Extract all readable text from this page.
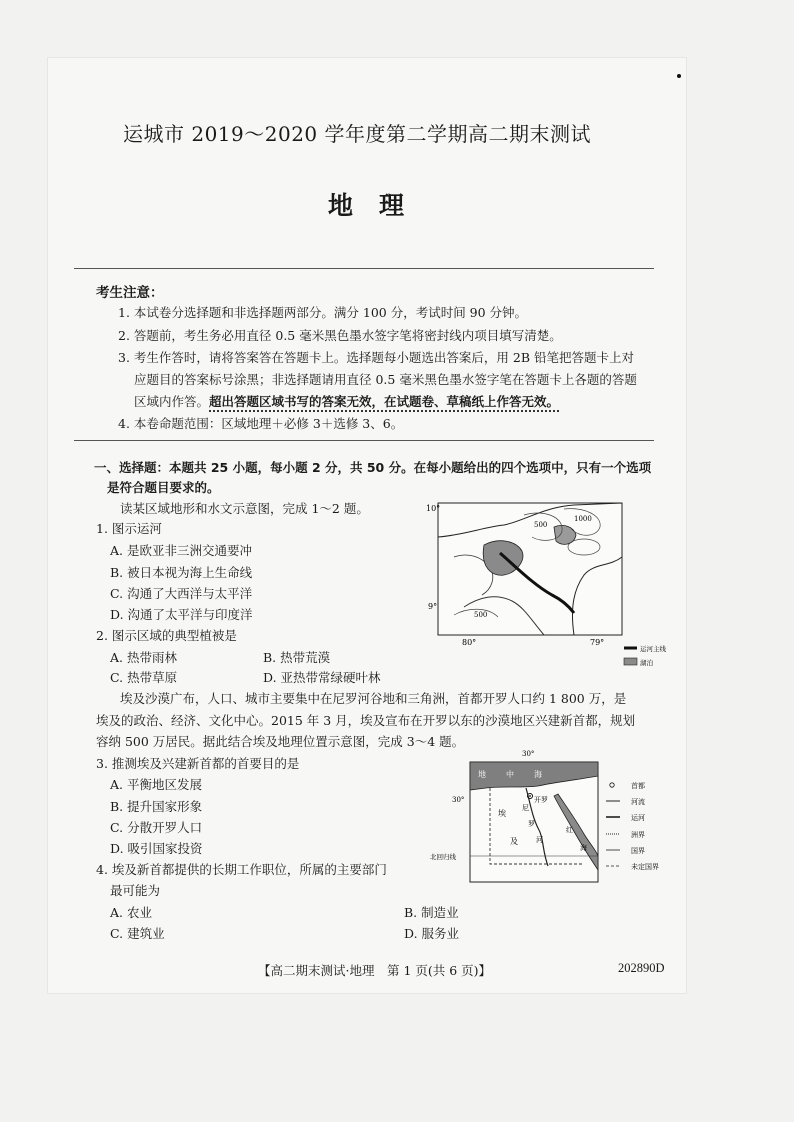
运城市 2019～2020 学年度第二学期高二期末测试
地理
考生注意：
1. 本试卷分选择题和非选择题两部分。满分 100 分，考试时间 90 分钟。
2. 答题前，考生务必用直径 0.5 毫米黑色墨水签字笔将密封线内项目填写清楚。
3. 考生作答时，请将答案答在答题卡上。选择题每小题选出答案后，用 2B 铅笔把答题卡上对
应题目的答案标号涂黑；非选择题请用直径 0.5 毫米黑色墨水签字笔在答题卡上各题的答题
区域内作答。超出答题区域书写的答案无效，在试题卷、草稿纸上作答无效。
4. 本卷命题范围：区域地理＋必修 3＋选修 3、6。
一、选择题：本题共 25 小题，每小题 2 分，共 50 分。在每小题给出的四个选项中，只有一个选项
是符合题目要求的。
读某区域地形和水文示意图，完成 1～2 题。
1. 图示运河
A. 是欧亚非三洲交通要冲
B. 被日本视为海上生命线
C. 沟通了大西洋与太平洋
D. 沟通了太平洋与印度洋
2. 图示区域的典型植被是
A. 热带雨林	B. 热带荒漠
C. 热带草原	D. 亚热带常绿硬叶林
10°
9°
80°	79°
500
1000
500
运河主线
湖泊
埃及沙漠广布，人口、城市主要集中在尼罗河谷地和三角洲，首都开罗人口约 1 800 万，是
埃及的政治、经济、文化中心。2015 年 3 月，埃及宣布在开罗以东的沙漠地区兴建新首都，规划
容纳 500 万居民。据此结合埃及地理位置示意图，完成 3～4 题。
3. 推测埃及兴建新首都的首要目的是
A. 平衡地区发展
B. 提升国家形象
C. 分散开罗人口
D. 吸引国家投资
4. 埃及新首都提供的长期工作职位，所属的主要部门
最可能为
A. 农业	B. 制造业
C. 建筑业	D. 服务业
30°
30°
地	中	海
开罗
埃
及
尼
罗
河
红
海
北回归线
首都
河流
运河
洲界
国界
未定国界
【高二期末测试·地理　第 1 页(共 6 页)】	202890D
